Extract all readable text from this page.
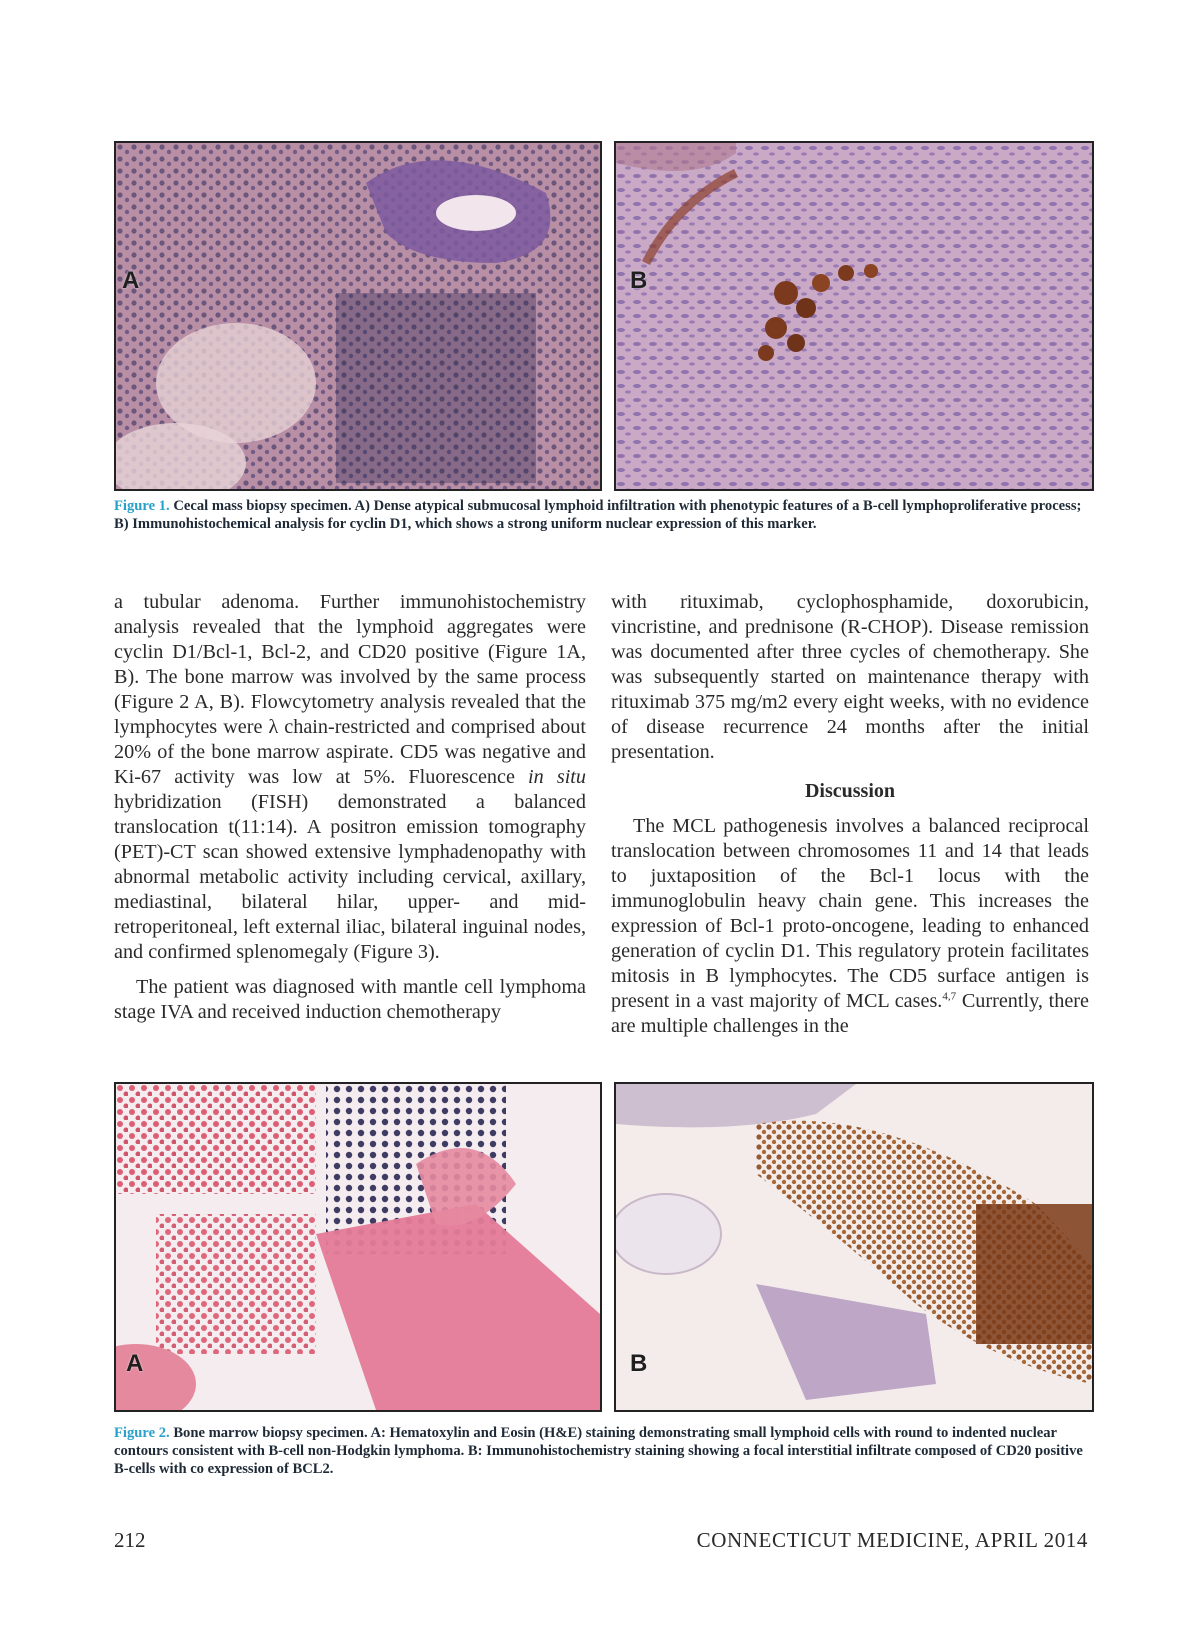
A	B
Figure 1. Cecal mass biopsy specimen. A) Dense atypical submucosal lymphoid infiltration with phenotypic features of a B-cell lymphoproliferative process; B) Immunohistochemical analysis for cyclin D1, which shows a strong uniform nuclear expression of this marker.

a tubular adenoma. Further immunohistochemistry analysis revealed that the lymphoid aggregates were cyclin D1/Bcl-1, Bcl-2, and CD20 positive (Figure 1A, B). The bone marrow was involved by the same process (Figure 2 A, B). Flowcytometry analysis revealed that the lymphocytes were λ chain-restricted and comprised about 20% of the bone marrow aspirate. CD5 was negative and Ki-67 activity was low at 5%. Fluorescence in situ hybridization (FISH) demonstrated a balanced translocation t(11:14). A positron emission tomography (PET)-CT scan showed extensive lymphadenopathy with abnormal metabolic activity including cervical, axillary, mediastinal, bilateral hilar, upper- and mid-retroperitoneal, left external iliac, bilateral inguinal nodes, and confirmed splenomegaly (Figure 3).

The patient was diagnosed with mantle cell lymphoma stage IVA and received induction chemotherapy

with rituximab, cyclophosphamide, doxorubicin, vincristine, and prednisone (R-CHOP). Disease remission was documented after three cycles of chemotherapy. She was subsequently started on maintenance therapy with rituximab 375 mg/m2 every eight weeks, with no evidence of disease recurrence 24 months after the initial presentation.

Discussion

The MCL pathogenesis involves a balanced reciprocal translocation between chromosomes 11 and 14 that leads to juxtaposition of the Bcl-1 locus with the immunoglobulin heavy chain gene. This increases the expression of Bcl-1 proto-oncogene, leading to enhanced generation of cyclin D1. This regulatory protein facilitates mitosis in B lymphocytes. The CD5 surface antigen is present in a vast majority of MCL cases.$^{4,7}$ Currently, there are multiple challenges in the

A	B
Figure 2. Bone marrow biopsy specimen. A: Hematoxylin and Eosin (H&E) staining demonstrating small lymphoid cells with round to indented nuclear contours consistent with B-cell non-Hodgkin lymphoma. B: Immunohistochemistry staining showing a focal interstitial infiltrate composed of CD20 positive B-cells with co expression of BCL2.
212	CONNECTICUT MEDICINE, APRIL 2014
